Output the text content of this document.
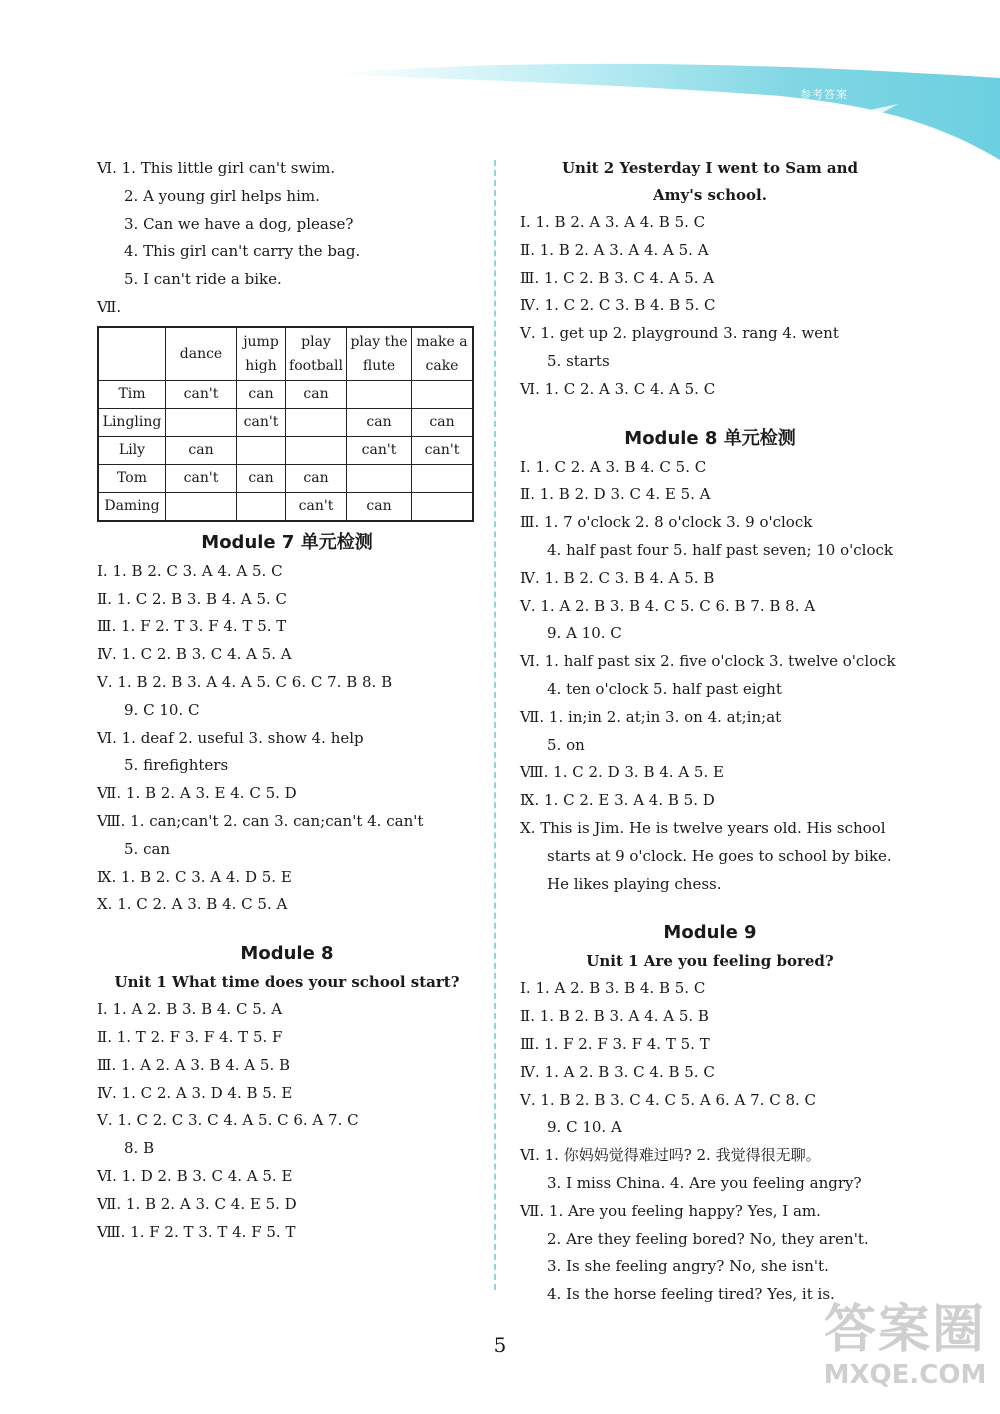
参考答案
Ⅵ. 1. This little girl can't swim.
2. A young girl helps him.
3. Can we have a dog, please?
4. This girl can't carry the bag.
5. I can't ride a bike.
Ⅶ.
	dance	jump high	play football	play the flute	make a cake
Tim	can't	can	can		
Lingling		can't		can	can
Lily	can			can't	can't
Tom	can't	can	can		
Daming			can't	can	
Module 7 单元检测
Ⅰ. 1. B 2. C 3. A 4. A 5. C
Ⅱ. 1. C 2. B 3. B 4. A 5. C
Ⅲ. 1. F 2. T 3. F 4. T 5. T
Ⅳ. 1. C 2. B 3. C 4. A 5. A
Ⅴ. 1. B 2. B 3. A 4. A 5. C 6. C 7. B 8. B
9. C 10. C
Ⅵ. 1. deaf 2. useful 3. show 4. help
5. firefighters
Ⅶ. 1. B 2. A 3. E 4. C 5. D
Ⅷ. 1. can;can't 2. can 3. can;can't 4. can't
5. can
Ⅸ. 1. B 2. C 3. A 4. D 5. E
Ⅹ. 1. C 2. A 3. B 4. C 5. A
Module 8
Unit 1 What time does your school start?
Ⅰ. 1. A 2. B 3. B 4. C 5. A
Ⅱ. 1. T 2. F 3. F 4. T 5. F
Ⅲ. 1. A 2. A 3. B 4. A 5. B
Ⅳ. 1. C 2. A 3. D 4. B 5. E
Ⅴ. 1. C 2. C 3. C 4. A 5. C 6. A 7. C
8. B
Ⅵ. 1. D 2. B 3. C 4. A 5. E
Ⅶ. 1. B 2. A 3. C 4. E 5. D
Ⅷ. 1. F 2. T 3. T 4. F 5. T
Unit 2 Yesterday I went to Sam and
Amy's school.
Ⅰ. 1. B 2. A 3. A 4. B 5. C
Ⅱ. 1. B 2. A 3. A 4. A 5. A
Ⅲ. 1. C 2. B 3. C 4. A 5. A
Ⅳ. 1. C 2. C 3. B 4. B 5. C
Ⅴ. 1. get up 2. playground 3. rang 4. went
5. starts
Ⅵ. 1. C 2. A 3. C 4. A 5. C
Module 8 单元检测
Ⅰ. 1. C 2. A 3. B 4. C 5. C
Ⅱ. 1. B 2. D 3. C 4. E 5. A
Ⅲ. 1. 7 o'clock 2. 8 o'clock 3. 9 o'clock
4. half past four 5. half past seven; 10 o'clock
Ⅳ. 1. B 2. C 3. B 4. A 5. B
Ⅴ. 1. A 2. B 3. B 4. C 5. C 6. B 7. B 8. A
9. A 10. C
Ⅵ. 1. half past six 2. five o'clock 3. twelve o'clock
4. ten o'clock 5. half past eight
Ⅶ. 1. in;in 2. at;in 3. on 4. at;in;at
5. on
Ⅷ. 1. C 2. D 3. B 4. A 5. E
Ⅸ. 1. C 2. E 3. A 4. B 5. D
Ⅹ. This is Jim. He is twelve years old. His school
starts at 9 o'clock. He goes to school by bike.
He likes playing chess.
Module 9
Unit 1 Are you feeling bored?
Ⅰ. 1. A 2. B 3. B 4. B 5. C
Ⅱ. 1. B 2. B 3. A 4. A 5. B
Ⅲ. 1. F 2. F 3. F 4. T 5. T
Ⅳ. 1. A 2. B 3. C 4. B 5. C
Ⅴ. 1. B 2. B 3. C 4. C 5. A 6. A 7. C 8. C
9. C 10. A
Ⅵ. 1. 你妈妈觉得难过吗? 2. 我觉得很无聊。
3. I miss China. 4. Are you feeling angry?
Ⅶ. 1. Are you feeling happy? Yes, I am.
2. Are they feeling bored? No, they aren't.
3. Is she feeling angry? No, she isn't.
4. Is the horse feeling tired? Yes, it is.
5	答案圈
MXQE.COM
